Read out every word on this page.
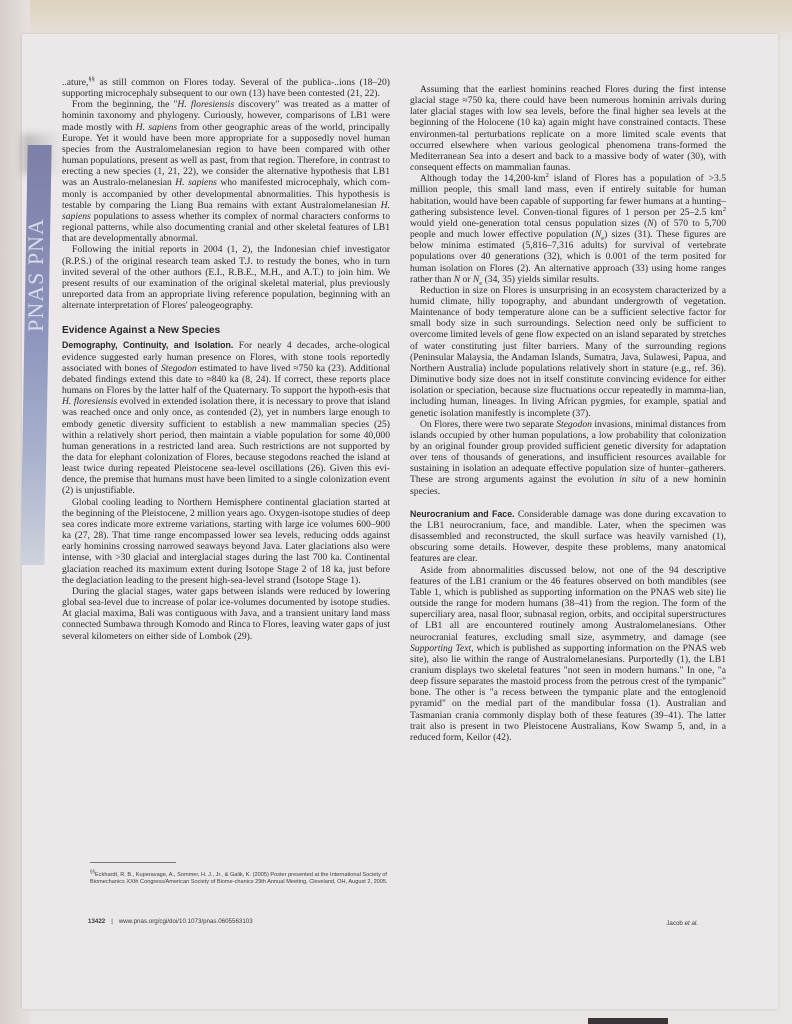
PNAS PNA

..ature,§§ as still common on Flores today. Several of the publica-..ions (18–20) supporting microcephaly subsequent to our own (13) have been contested (21, 22).

From the beginning, the "H. floresiensis discovery" was treated as a matter of hominin taxonomy and phylogeny. Curiously, however, comparisons of LB1 were made mostly with H. sapiens from other geographic areas of the world, principally Europe. Yet it would have been more appropriate for a supposedly novel human species from the Australomelanesian region to have been compared with other human populations, present as well as past, from that region. Therefore, in contrast to erecting a new species (1, 21, 22), we consider the alternative hypothesis that LB1 was an Australo-melanesian H. sapiens who manifested microcephaly, which com-monly is accompanied by other developmental abnormalities. This hypothesis is testable by comparing the Liang Bua remains with extant Australomelanesian H. sapiens populations to assess whether its complex of normal characters conforms to regional patterns, while also documenting cranial and other skeletal features of LB1 that are developmentally abnormal.

Following the initial reports in 2004 (1, 2), the Indonesian chief investigator (R.P.S.) of the original research team asked T.J. to restudy the bones, who in turn invited several of the other authors (E.I., R.B.E., M.H., and A.T.) to join him. We present results of our examination of the original skeletal material, plus previously unreported data from an appropriate living reference population, beginning with an alternate interpretation of Flores' paleogeography.

Evidence Against a New Species

Demography, Continuity, and Isolation. For nearly 4 decades, arche-ological evidence suggested early human presence on Flores, with stone tools reportedly associated with bones of Stegodon estimated to have lived ≈750 ka (23). Additional debated findings extend this date to ≈840 ka (8, 24). If correct, these reports place humans on Flores by the latter half of the Quaternary. To support the hypoth-esis that H. floresiensis evolved in extended isolation there, it is necessary to prove that island was reached once and only once, as contended (2), yet in numbers large enough to embody genetic diversity sufficient to establish a new mammalian species (25) within a relatively short period, then maintain a viable population for some 40,000 human generations in a restricted land area. Such restrictions are not supported by the data for elephant colonization of Flores, because stegodons reached the island at least twice during repeated Pleistocene sea-level oscillations (26). Given this evi-dence, the premise that humans must have been limited to a single colonization event (2) is unjustifiable.

Global cooling leading to Northern Hemisphere continental glaciation started at the beginning of the Pleistocene, 2 million years ago. Oxygen-isotope studies of deep sea cores indicate more extreme variations, starting with large ice volumes 600–900 ka (27, 28). That time range encompassed lower sea levels, reducing odds against early hominins crossing narrowed seaways beyond Java. Later glaciations also were intense, with >30 glacial and interglacial stages during the last 700 ka. Continental glaciation reached its maximum extent during Isotope Stage 2 of 18 ka, just before the deglaciation leading to the present high-sea-level strand (Isotope Stage 1).

During the glacial stages, water gaps between islands were reduced by lowering global sea-level due to increase of polar ice-volumes documented by isotope studies. At glacial maxima, Bali was contiguous with Java, and a transient unitary land mass connected Sumbawa through Komodo and Rinca to Flores, leaving water gaps of just several kilometers on either side of Lombok (29).

Assuming that the earliest hominins reached Flores during the first intense glacial stage ≈750 ka, there could have been numerous hominin arrivals during later glacial stages with low sea levels, before the final higher sea levels at the beginning of the Holocene (10 ka) again might have constrained contacts. These environmen-tal perturbations replicate on a more limited scale events that occurred elsewhere when various geological phenomena trans-formed the Mediterranean Sea into a desert and back to a massive body of water (30), with consequent effects on mammalian faunas.

Although today the $14,200-km^2$ island of Flores has a population of >3.5 million people, this small land mass, even if entirely suitable for human habitation, would have been capable of supporting far fewer humans at a hunting–gathering subsistence level. Conven-tional figures of 1 person per 25–2.5 $km^2$ would yield one-generation total census population sizes (N) of 570 to 5,700 people and much lower effective population $(N_e)$ sizes (31). These figures are below minima estimated (5,816–7,316 adults) for survival of vertebrate populations over 40 generations (32), which is 0.001 of the term posited for human isolation on Flores (2). An alternative approach (33) using home ranges rather than N or $N_e$ (34, 35) yields similar results.

Reduction in size on Flores is unsurprising in an ecosystem characterized by a humid climate, hilly topography, and abundant undergrowth of vegetation. Maintenance of body temperature alone can be a sufficient selective factor for small body size in such surroundings. Selection need only be sufficient to overcome limited levels of gene flow expected on an island separated by stretches of water constituting just filter barriers. Many of the surrounding regions (Peninsular Malaysia, the Andaman Islands, Sumatra, Java, Sulawesi, Papua, and Northern Australia) include populations relatively short in stature (e.g., ref. 36). Diminutive body size does not in itself constitute convincing evidence for either isolation or speciation, because size fluctuations occur repeatedly in mamma-lian, including human, lineages. In living African pygmies, for example, spatial and genetic isolation manifestly is incomplete (37).

On Flores, there were two separate Stegodon invasions, minimal distances from islands occupied by other human populations, a low probability that colonization by an original founder group provided sufficient genetic diversity for adaptation over tens of thousands of generations, and insufficient resources available for sustaining in isolation an adequate effective population size of hunter–gatherers. These are strong arguments against the evolution in situ of a new hominin species.

Neurocranium and Face. Considerable damage was done during excavation to the LB1 neurocranium, face, and mandible. Later, when the specimen was disassembled and reconstructed, the skull surface was heavily varnished (1), obscuring some details. However, despite these problems, many anatomical features are clear.

Aside from abnormalities discussed below, not one of the 94 descriptive features of the LB1 cranium or the 46 features observed on both mandibles (see Table 1, which is published as supporting information on the PNAS web site) lie outside the range for modern humans (38–41) from the region. The form of the superciliary area, nasal floor, subnasal region, orbits, and occipital superstructures of LB1 all are encountered routinely among Australomelanesians. Other neurocranial features, excluding small size, asymmetry, and damage (see Supporting Text, which is published as supporting information on the PNAS web site), also lie within the range of Australomelanesians. Purportedly (1), the LB1 cranium displays two skeletal features "not seen in modern humans." In one, "a deep fissure separates the mastoid process from the petrous crest of the tympanic" bone. The other is "a recess between the tympanic plate and the entoglenoid pyramid" on the medial part of the mandibular fossa (1). Australian and Tasmanian crania commonly display both of these features (39–41). The latter trait also is present in two Pleistocene Australians, Kow Swamp 5, and, in a reduced form, Keilor (42).

§§Eckhardt, R. B., Kuperavage, A., Sommer, H. J., Jr., & Galik, K. (2005) Poster presented at the International Society of Biomechanics XXth Congress/American Society of Biome-chanics 29th Annual Meeting, Cleveland, OH, August 2, 2005.
13422 | www.pnas.org/cgi/doi/10.1073/pnas.0605563103	Jacob et al.
